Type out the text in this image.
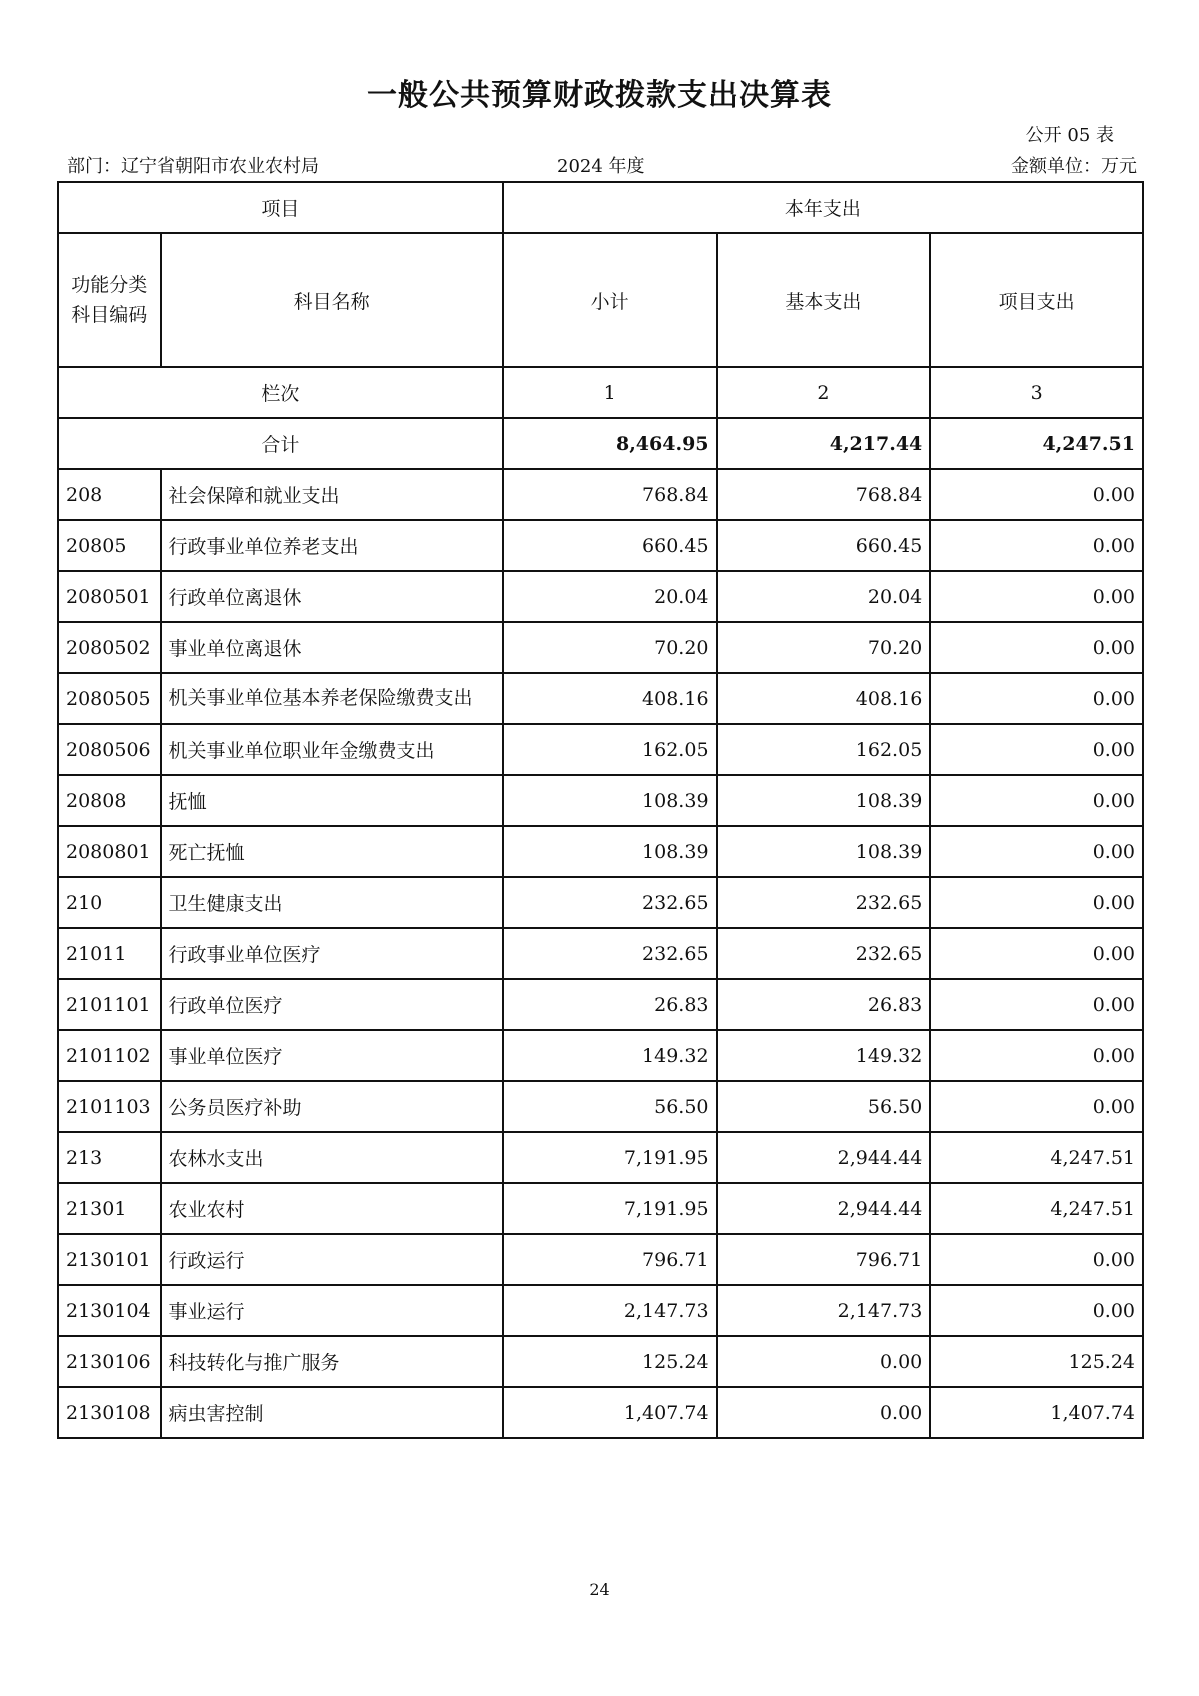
一般公共预算财政拨款支出决算表
公开 05 表
部门：辽宁省朝阳市农业农村局	2024 年度	金额单位：万元
项目		本年支出		
功能分类科目编码	科目名称	小计	基本支出	项目支出
栏次		1	2	3
合计		8,464.95	4,217.44	4,247.51
208	社会保障和就业支出	768.84	768.84	0.00
20805	行政事业单位养老支出	660.45	660.45	0.00
2080501	行政单位离退休	20.04	20.04	0.00
2080502	事业单位离退休	70.20	70.20	0.00
2080505	机关事业单位基本养老保险缴费支出	408.16	408.16	0.00
2080506	机关事业单位职业年金缴费支出	162.05	162.05	0.00
20808	抚恤	108.39	108.39	0.00
2080801	死亡抚恤	108.39	108.39	0.00
210	卫生健康支出	232.65	232.65	0.00
21011	行政事业单位医疗	232.65	232.65	0.00
2101101	行政单位医疗	26.83	26.83	0.00
2101102	事业单位医疗	149.32	149.32	0.00
2101103	公务员医疗补助	56.50	56.50	0.00
213	农林水支出	7,191.95	2,944.44	4,247.51
21301	农业农村	7,191.95	2,944.44	4,247.51
2130101	行政运行	796.71	796.71	0.00
2130104	事业运行	2,147.73	2,147.73	0.00
2130106	科技转化与推广服务	125.24	0.00	125.24
2130108	病虫害控制	1,407.74	0.00	1,407.74
24
